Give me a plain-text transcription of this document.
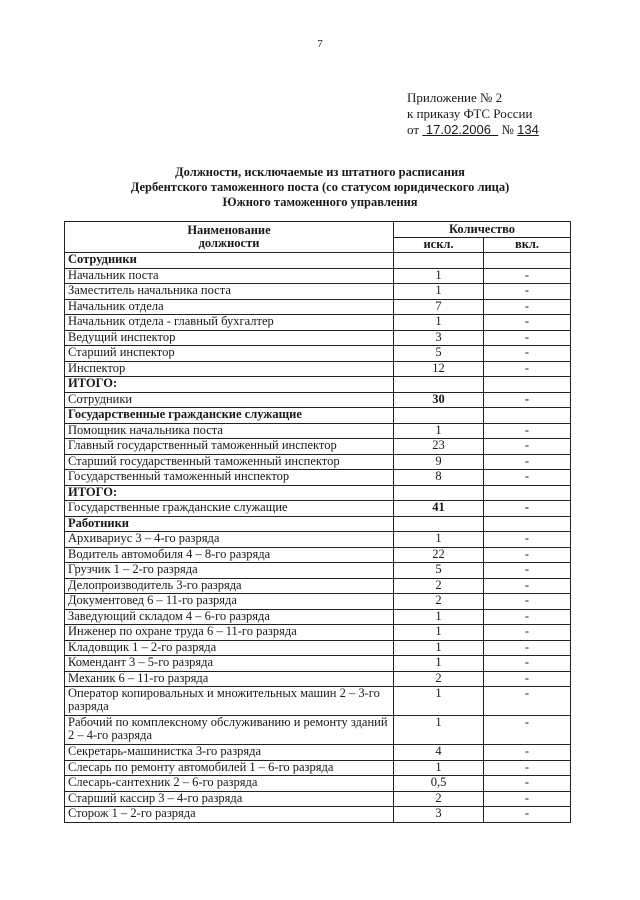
7
Приложение № 2
к приказу ФТС России
от 17.02.2006 № 134
Должности, исключаемые из штатного расписания
Дербентского таможенного поста (со статусом юридического лица)
Южного таможенного управления
Наименование
должности	Количество	
	искл.	вкл.
Сотрудники		
Начальник поста	1	-
Заместитель начальника поста	1	-
Начальник отдела	7	-
Начальник отдела - главный бухгалтер	1	-
Ведущий инспектор	3	-
Старший инспектор	5	-
Инспектор	12	-
ИТОГО:		
Сотрудники	30	-
Государственные гражданские служащие		
Помощник начальника поста	1	-
Главный государственный таможенный инспектор	23	-
Старший государственный таможенный инспектор	9	-
Государственный таможенный инспектор	8	-
ИТОГО:		
Государственные гражданские служащие	41	-
Работники		
Архивариус 3 – 4-го разряда	1	-
Водитель автомобиля 4 – 8-го разряда	22	-
Грузчик 1 – 2-го разряда	5	-
Делопроизводитель 3-го разряда	2	-
Документовед 6 – 11-го разряда	2	-
Заведующий складом 4 – 6-го разряда	1	-
Инженер по охране труда 6 – 11-го разряда	1	-
Кладовщик 1 – 2-го разряда	1	-
Комендант 3 – 5-го разряда	1	-
Механик 6 – 11-го разряда	2	-
Оператор копировальных и множительных машин 2 – 3-го разряда	1	-
Рабочий по комплексному обслуживанию и ремонту зданий 2 – 4-го разряда	1	-
Секретарь-машинистка 3-го разряда	4	-
Слесарь по ремонту автомобилей 1 – 6-го разряда	1	-
Слесарь-сантехник 2 – 6-го разряда	0,5	-
Старший кассир 3 – 4-го разряда	2	-
Сторож 1 – 2-го разряда	3	-
